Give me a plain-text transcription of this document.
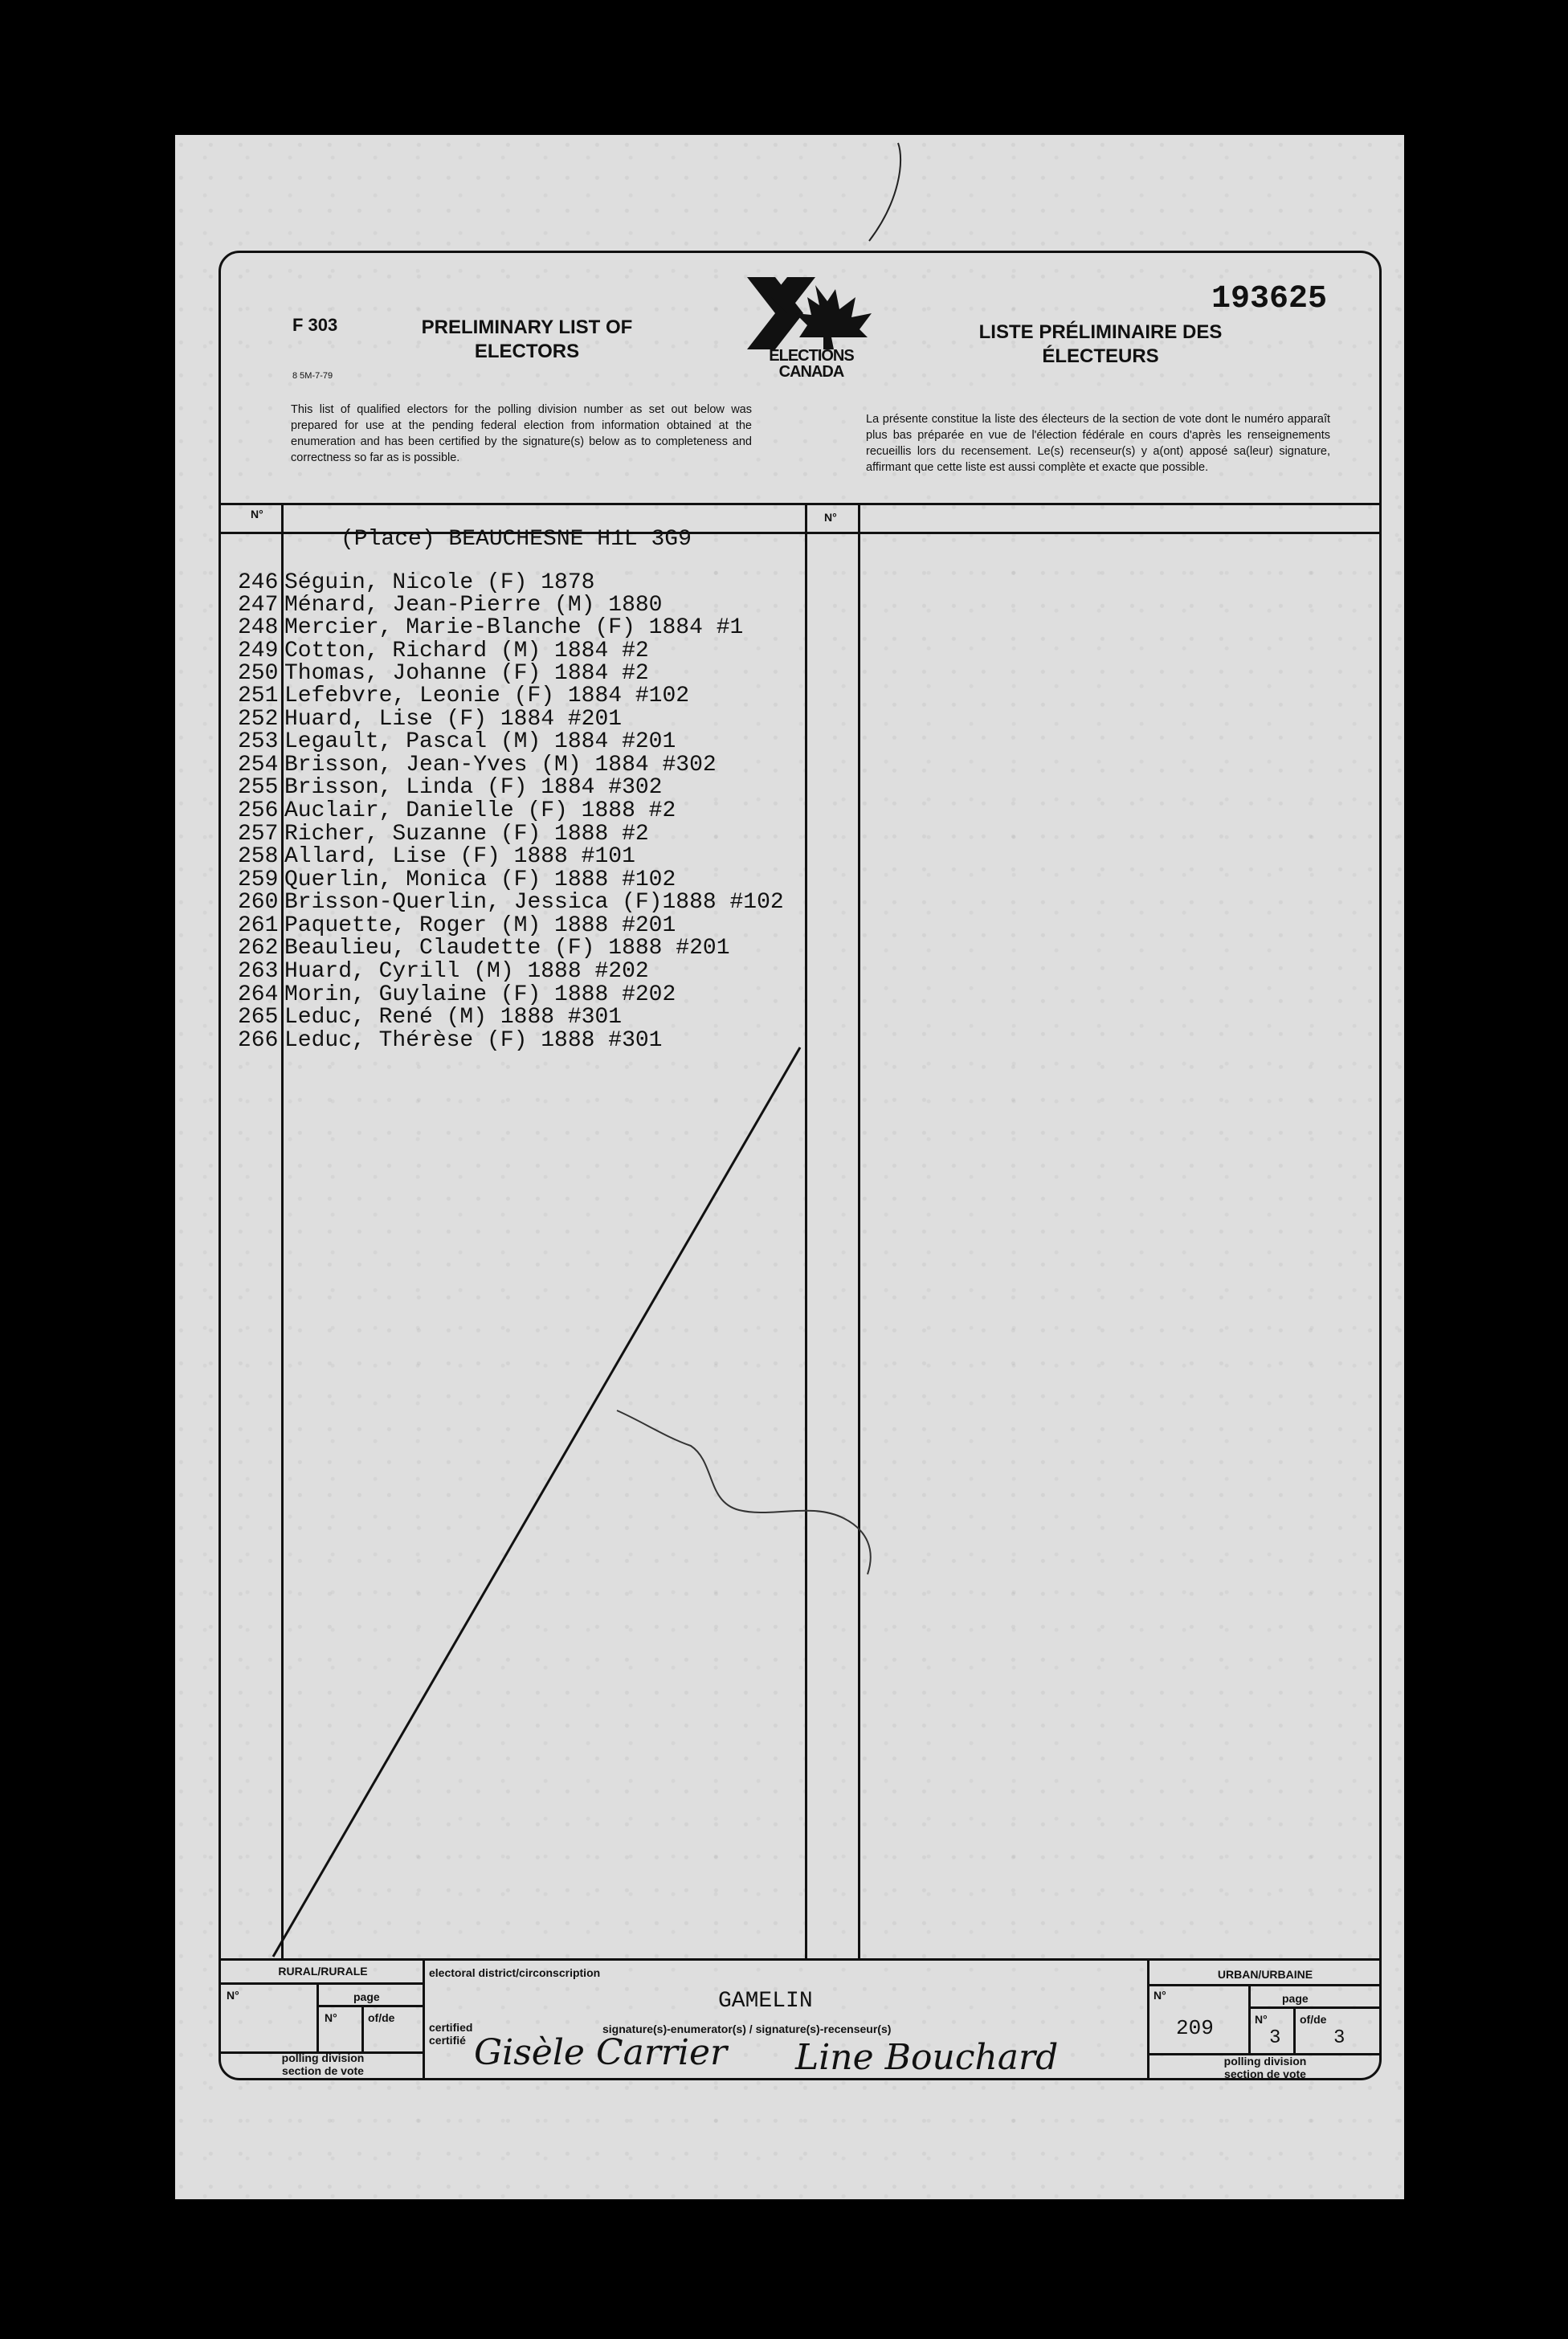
F 303
8 5M-7-79
PRELIMINARY LIST OF
ELECTORS	ELECTIONS
CANADA
193625
LISTE PRÉLIMINAIRE DES
ÉLECTEURS
This list of qualified electors for the polling division number as set out below was prepared for use at the pending federal election from information obtained at the enumeration and has been certified by the signature(s) below as to completeness and correctness so far as is possible.
La présente constitue la liste des électeurs de la section de vote dont le numéro apparaît plus bas préparée en vue de l'élection fédérale en cours d'après les renseignements recueillis lors du recensement. Le(s) recenseur(s) y a(ont) apposé sa(leur) signature, affirmant que cette liste est aussi complète et exacte que possible.
N°	N°
(Place) BEAUCHESNE H1L 3G9
246 Séguin, Nicole (F) 1878
247 Ménard, Jean-Pierre (M) 1880
248 Mercier, Marie-Blanche (F) 1884 #1
249 Cotton, Richard (M) 1884 #2
250 Thomas, Johanne (F) 1884 #2
251 Lefebvre, Leonie (F) 1884 #102
252 Huard, Lise (F) 1884 #201
253 Legault, Pascal (M) 1884 #201
254 Brisson, Jean-Yves (M) 1884 #302
255 Brisson, Linda (F) 1884 #302
256 Auclair, Danielle (F) 1888 #2
257 Richer, Suzanne (F) 1888 #2
258 Allard, Lise (F) 1888 #101
259 Querlin, Monica (F) 1888 #102
260 Brisson-Querlin, Jessica (F)1888 #102
261 Paquette, Roger (M) 1888 #201
262 Beaulieu, Claudette (F) 1888 #201
263 Huard, Cyrill (M) 1888 #202
264 Morin, Guylaine (F) 1888 #202
265 Leduc, René (M) 1888 #301
266 Leduc, Thérèse (F) 1888 #301
RURAL/RURALE
N°	page
N°	of/de
polling division
section de vote
electoral district/circonscription
GAMELIN
certified
certifié
signature(s)-enumerator(s) / signature(s)-recenseur(s)
Gisèle Carrier Line Bouchard
URBAN/URBAINE
N°
209
page
N°
3
of/de
3
polling division
section de vote
